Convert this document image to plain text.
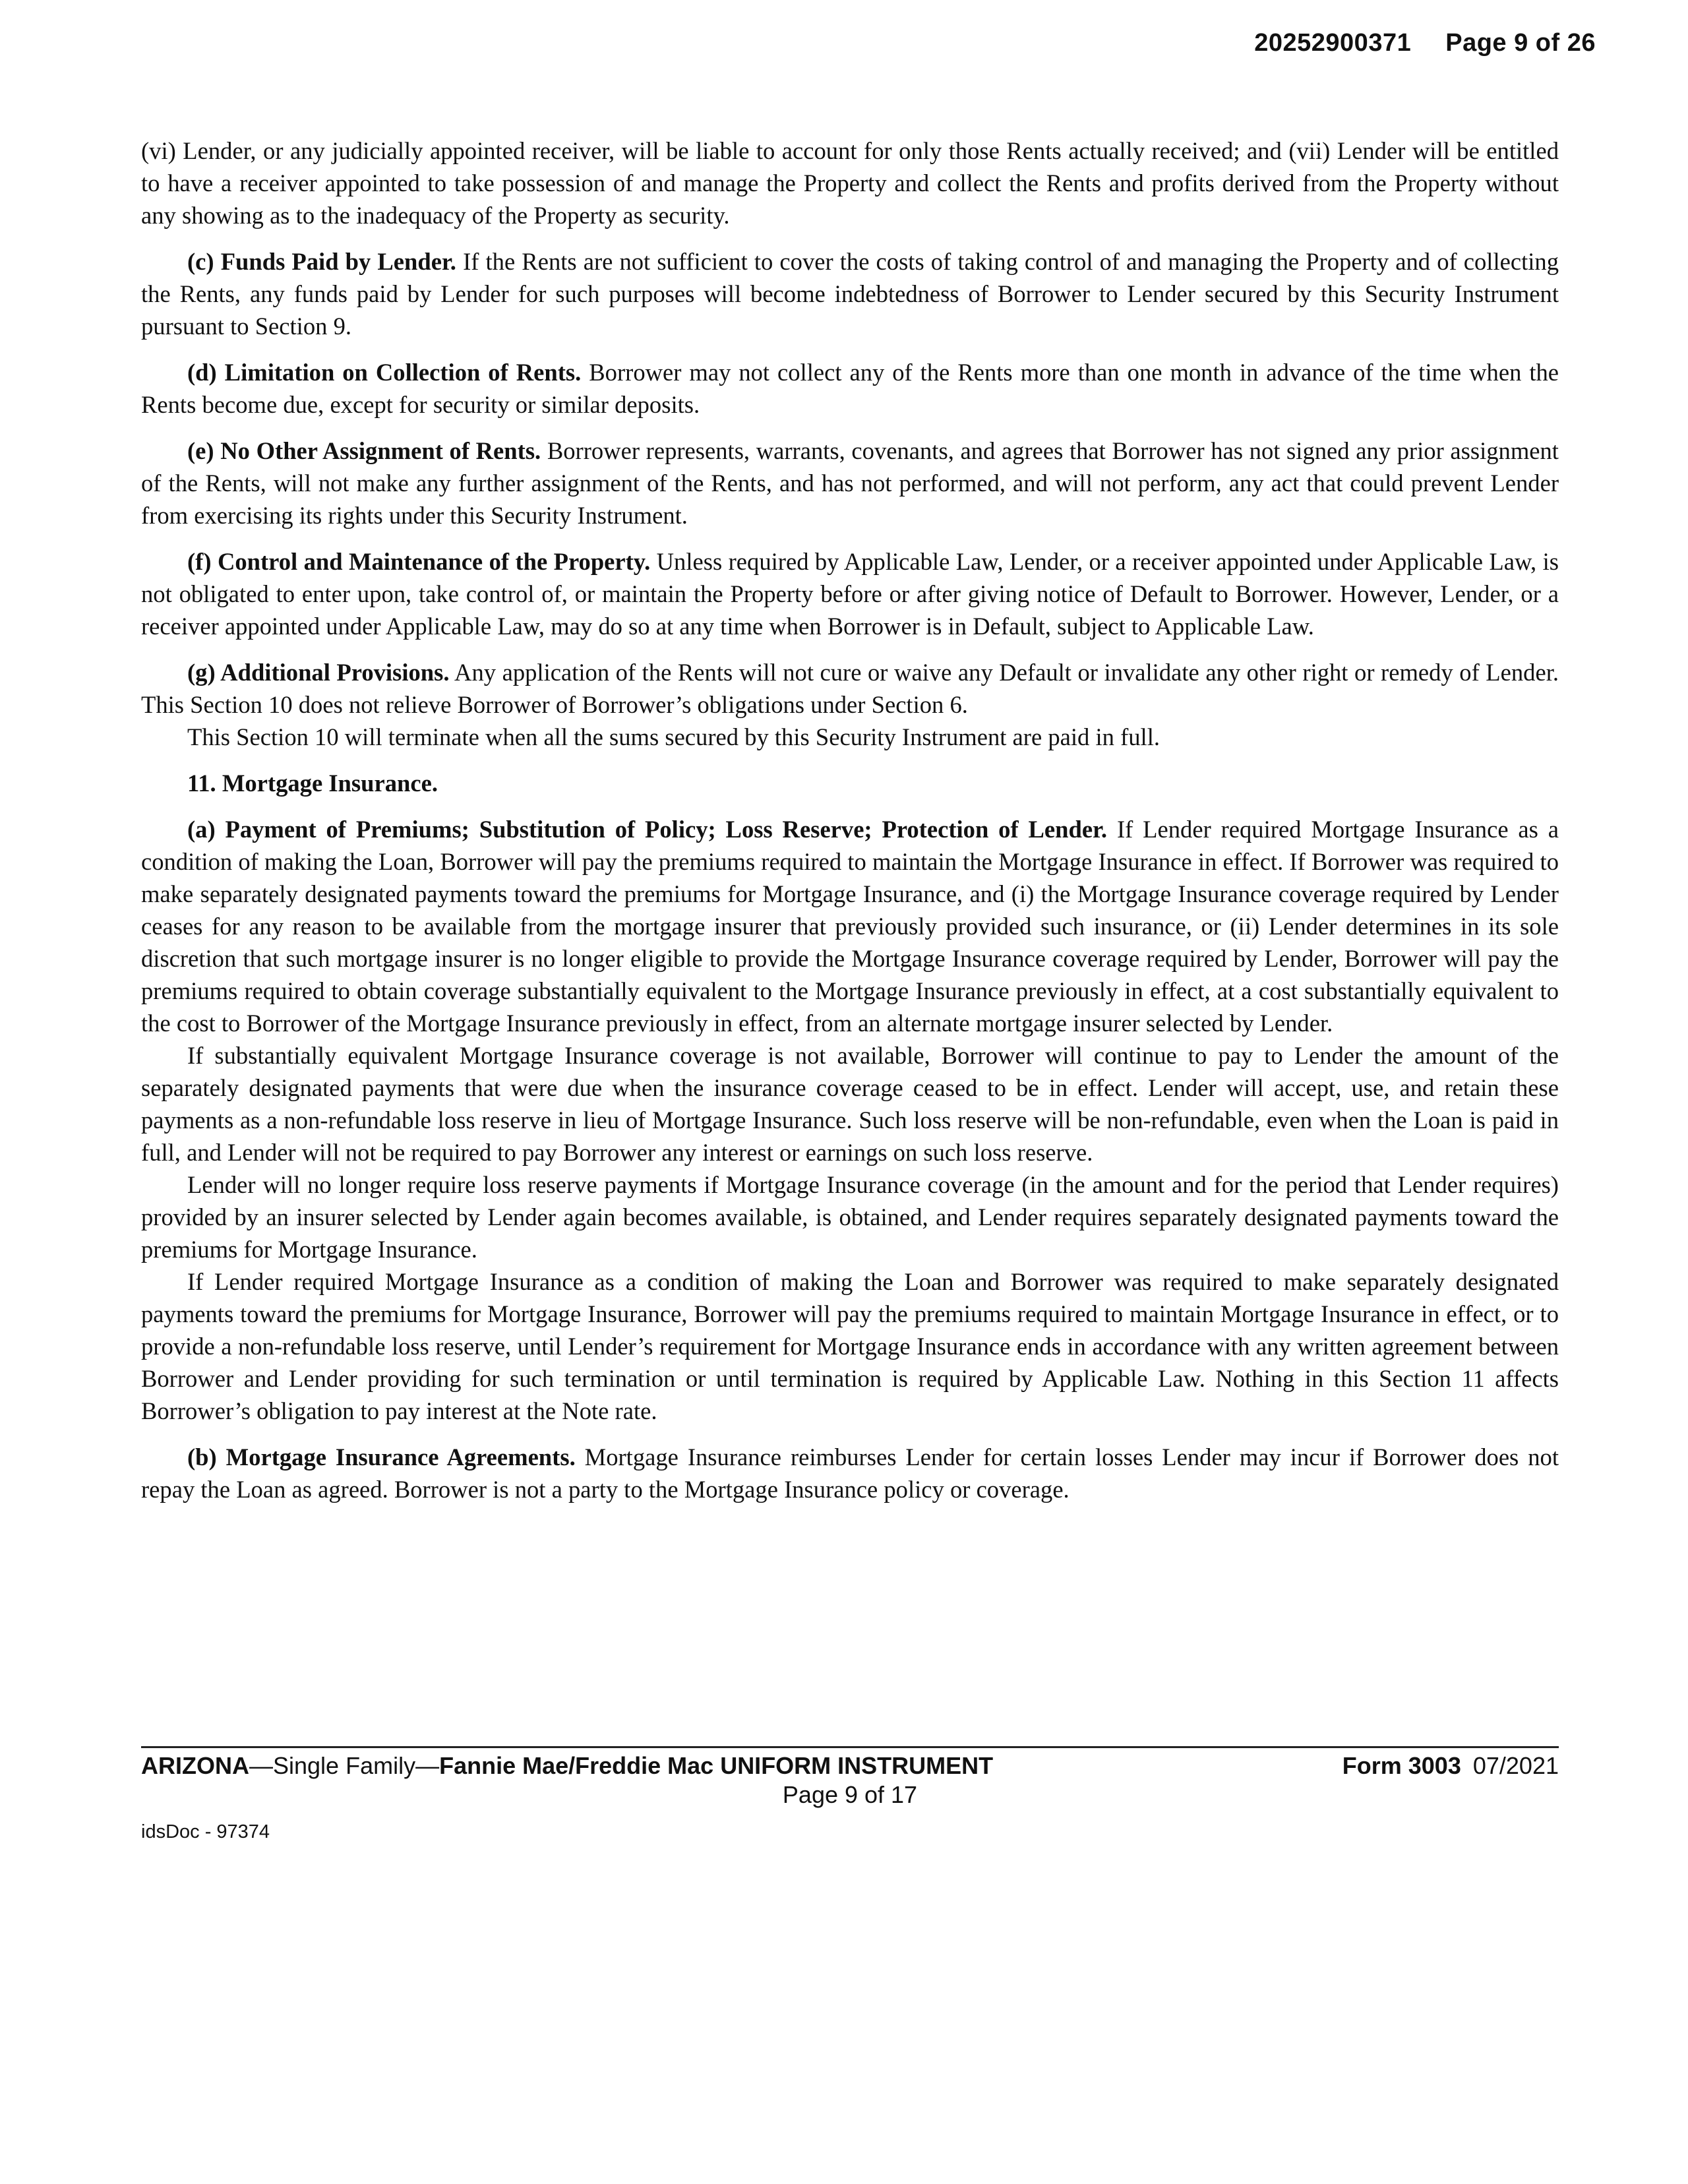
20252900371 Page 9 of 26

(vi) Lender, or any judicially appointed receiver, will be liable to account for only those Rents actually received; and (vii) Lender will be entitled to have a receiver appointed to take possession of and manage the Property and collect the Rents and profits derived from the Property without any showing as to the inadequacy of the Property as security.

(c) Funds Paid by Lender. If the Rents are not sufficient to cover the costs of taking control of and managing the Property and of collecting the Rents, any funds paid by Lender for such purposes will become indebtedness of Borrower to Lender secured by this Security Instrument pursuant to Section 9.

(d) Limitation on Collection of Rents. Borrower may not collect any of the Rents more than one month in advance of the time when the Rents become due, except for security or similar deposits.

(e) No Other Assignment of Rents. Borrower represents, warrants, covenants, and agrees that Borrower has not signed any prior assignment of the Rents, will not make any further assignment of the Rents, and has not performed, and will not perform, any act that could prevent Lender from exercising its rights under this Security Instrument.

(f) Control and Maintenance of the Property. Unless required by Applicable Law, Lender, or a receiver appointed under Applicable Law, is not obligated to enter upon, take control of, or maintain the Property before or after giving notice of Default to Borrower. However, Lender, or a receiver appointed under Applicable Law, may do so at any time when Borrower is in Default, subject to Applicable Law.

(g) Additional Provisions. Any application of the Rents will not cure or waive any Default or invalidate any other right or remedy of Lender. This Section 10 does not relieve Borrower of Borrower’s obligations under Section 6.

This Section 10 will terminate when all the sums secured by this Security Instrument are paid in full.

11. Mortgage Insurance.

(a) Payment of Premiums; Substitution of Policy; Loss Reserve; Protection of Lender. If Lender required Mortgage Insurance as a condition of making the Loan, Borrower will pay the premiums required to maintain the Mortgage Insurance in effect. If Borrower was required to make separately designated payments toward the premiums for Mortgage Insurance, and (i) the Mortgage Insurance coverage required by Lender ceases for any reason to be available from the mortgage insurer that previously provided such insurance, or (ii) Lender determines in its sole discretion that such mortgage insurer is no longer eligible to provide the Mortgage Insurance coverage required by Lender, Borrower will pay the premiums required to obtain coverage substantially equivalent to the Mortgage Insurance previously in effect, at a cost substantially equivalent to the cost to Borrower of the Mortgage Insurance previously in effect, from an alternate mortgage insurer selected by Lender.

If substantially equivalent Mortgage Insurance coverage is not available, Borrower will continue to pay to Lender the amount of the separately designated payments that were due when the insurance coverage ceased to be in effect. Lender will accept, use, and retain these payments as a non-refundable loss reserve in lieu of Mortgage Insurance. Such loss reserve will be non-refundable, even when the Loan is paid in full, and Lender will not be required to pay Borrower any interest or earnings on such loss reserve.

Lender will no longer require loss reserve payments if Mortgage Insurance coverage (in the amount and for the period that Lender requires) provided by an insurer selected by Lender again becomes available, is obtained, and Lender requires separately designated payments toward the premiums for Mortgage Insurance.

If Lender required Mortgage Insurance as a condition of making the Loan and Borrower was required to make separately designated payments toward the premiums for Mortgage Insurance, Borrower will pay the premiums required to maintain Mortgage Insurance in effect, or to provide a non-refundable loss reserve, until Lender’s requirement for Mortgage Insurance ends in accordance with any written agreement between Borrower and Lender providing for such termination or until termination is required by Applicable Law. Nothing in this Section 11 affects Borrower’s obligation to pay interest at the Note rate.

(b) Mortgage Insurance Agreements. Mortgage Insurance reimburses Lender for certain losses Lender may incur if Borrower does not repay the Loan as agreed. Borrower is not a party to the Mortgage Insurance policy or coverage.

ARIZONA—Single Family—Fannie Mae/Freddie Mac UNIFORM INSTRUMENT	Form 3003 07/2021
Page 9 of 17
idsDoc - 97374
